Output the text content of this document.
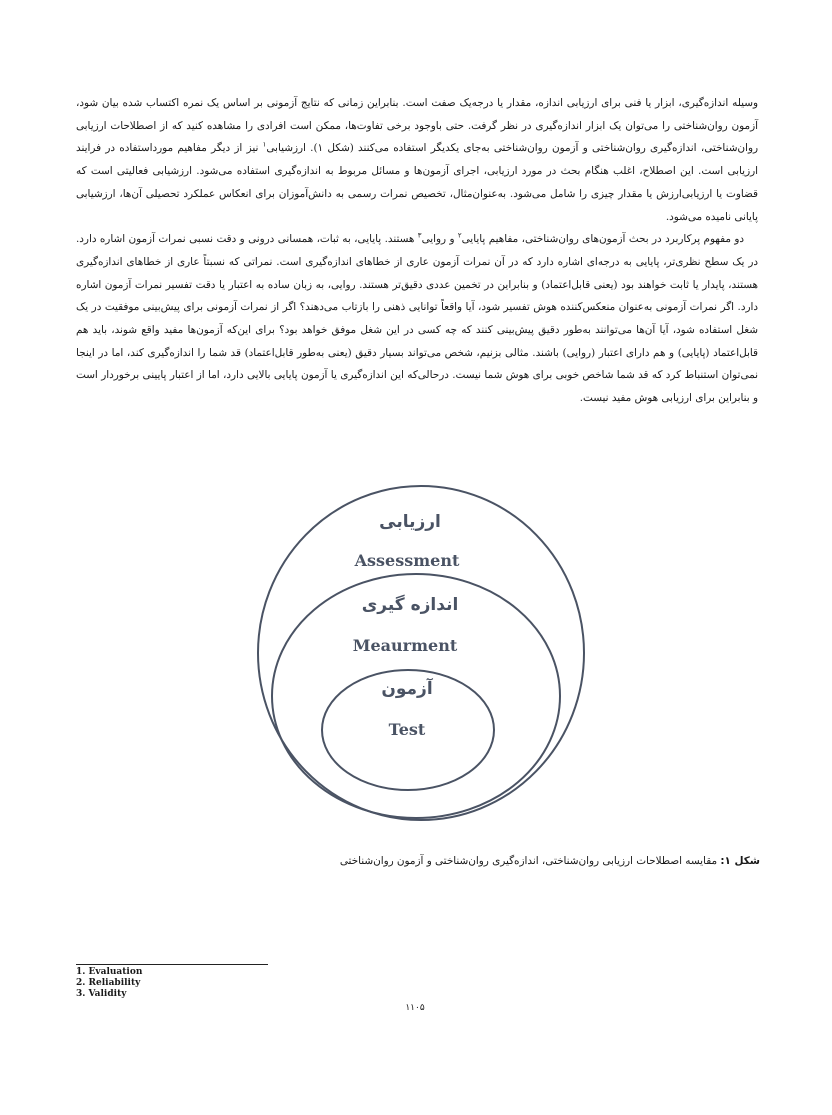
وسیله اندازه‌گیری، ابزار یا فنی برای ارزیابی اندازه، مقدار یا درجه‌یک صفت است. بنابراین زمانی که نتایج آزمونی بر اساس یک نمره اکتساب شده بیان شود، آزمون روان‌شناختی را می‌توان یک ابزار اندازه‌گیری در نظر گرفت. حتی باوجود برخی تفاوت‌ها، ممکن است افرادی را مشاهده کنید که از اصطلاحات ارزیابی روان‌شناختی، اندازه‌گیری روان‌شناختی و آزمون روان‌شناختی به‌جای یکدیگر استفاده می‌کنند (شکل ۱). ارزشیابی$^۱$ نیز از دیگر مفاهیم مورداستفاده در فرایند ارزیابی است. این اصطلاح، اغلب هنگام بحث در مورد ارزیابی، اجرای آزمون‌ها و مسائل مربوط به اندازه‌گیری استفاده می‌شود. ارزشیابی فعالیتی است که قضاوت یا ارزیابی‌ارزش یا مقدار چیزی را شامل می‌شود. به‌عنوان‌مثال، تخصیص نمرات رسمی به دانش‌آموزان برای انعکاس عملکرد تحصیلی آن‌ها، ارزشیابی پایانی نامیده می‌شود.

دو مفهوم پرکاربرد در بحث آزمون‌های روان‌شناختی، مفاهیم پایایی$^۲$ و روایی$^۳$ هستند. پایایی، به ثبات، همسانی درونی و دقت نسبی نمرات آزمون اشاره دارد. در یک سطح نظری‌تر، پایایی به درجه‌ای اشاره دارد که در آن نمرات آزمون عاری از خطاهای اندازه‌گیری است. نمراتی که نسبتاً عاری از خطاهای اندازه‌گیری هستند، پایدار یا ثابت خواهند بود (یعنی قابل‌اعتماد) و بنابراین در تخمین عددی دقیق‌تر هستند. روایی، به زبان ساده به اعتبار یا دقت تفسیر نمرات آزمون اشاره دارد. اگر نمرات آزمونی به‌عنوان منعکس‌کننده هوش تفسیر شود، آیا واقعاً توانایی ذهنی را بازتاب می‌دهند؟ اگر از نمرات آزمونی برای پیش‌بینی موفقیت در یک شغل استفاده شود، آیا آن‌ها می‌توانند به‌طور دقیق پیش‌بینی کنند که چه کسی در این شغل موفق خواهد بود؟ برای این‌که آزمون‌ها مفید واقع شوند، باید هم قابل‌اعتماد (پایایی) و هم دارای اعتبار (روایی) باشند. مثالی بزنیم، شخص می‌تواند بسیار دقیق (یعنی به‌طور قابل‌اعتماد) قد شما را اندازه‌گیری کند، اما در اینجا نمی‌توان استنباط کرد که قد شما شاخص خوبی برای هوش شما نیست. درحالی‌که این اندازه‌گیری یا آزمون پایایی بالایی دارد، اما از اعتبار پایینی برخوردار است و بنابراین برای ارزیابی هوش مفید نیست.

ارزیابی
Assessment
اندازه گیری
Meaurment
آزمون
Test
شکل ۱: مقایسه اصطلاحات ارزیابی روان‌شناختی، اندازه‌گیری روان‌شناختی و آزمون روان‌شناختی
1. Evaluation
2. Reliability
3. Validity
۱۱۰۵
